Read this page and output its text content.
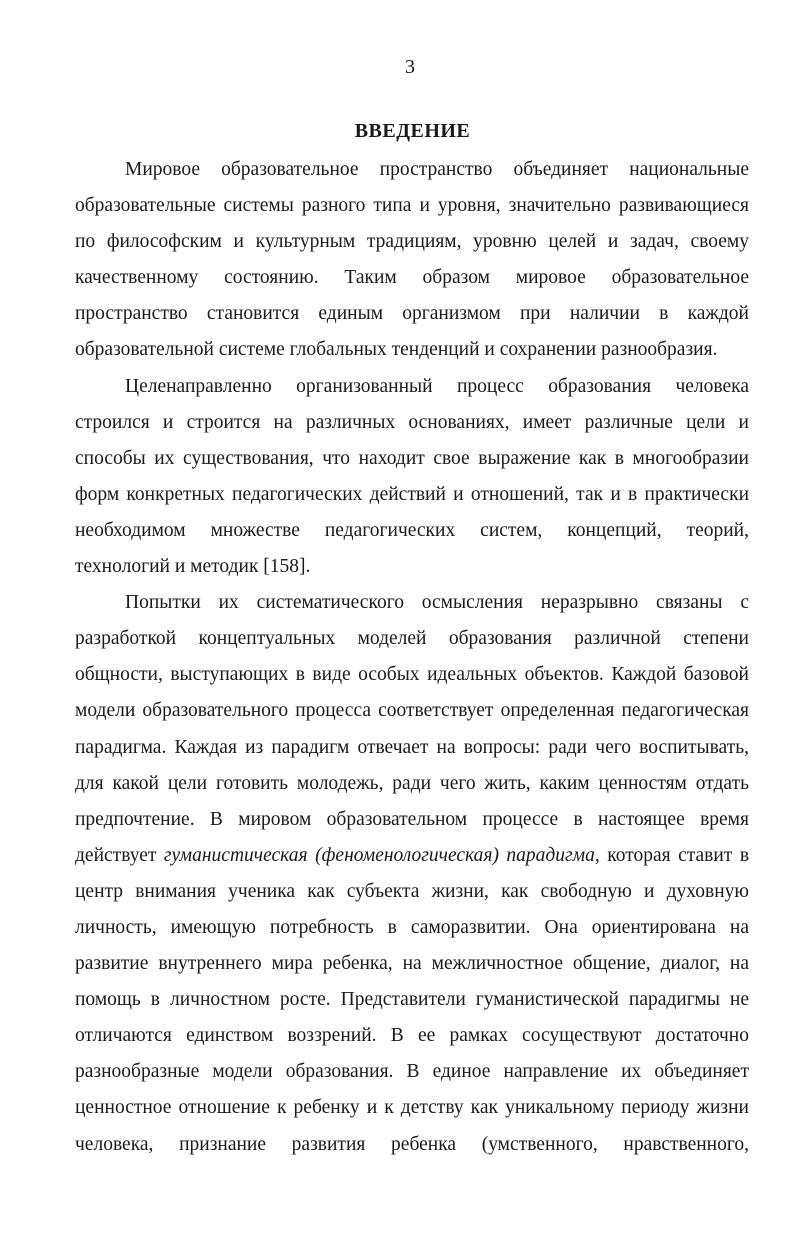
3
ВВЕДЕНИЕ

Мировое образовательное пространство объединяет национальные
образовательные системы разного типа и уровня, значительно развивающиеся
по философским и культурным традициям, уровню целей и задач, своему
качественному состоянию. Таким образом мировое образовательное
пространство становится единым организмом при наличии в каждой
образовательной системе глобальных тенденций и сохранении разнообразия.

Целенаправленно организованный процесс образования человека
строился и строится на различных основаниях, имеет различные цели и
способы их существования, что находит свое выражение как в многообразии
форм конкретных педагогических действий и отношений, так и в практически
необходимом множестве педагогических систем, концепций, теорий,
технологий и методик [158].

Попытки их систематического осмысления неразрывно связаны с
разработкой концептуальных моделей образования различной степени
общности, выступающих в виде особых идеальных объектов. Каждой базовой
модели образовательного процесса соответствует определенная педагогическая
парадигма. Каждая из парадигм отвечает на вопросы: ради чего воспитывать,
для какой цели готовить молодежь, ради чего жить, каким ценностям отдать
предпочтение. В мировом образовательном процессе в настоящее время
действует гуманистическая (феноменологическая) парадигма, которая ставит в
центр внимания ученика как субъекта жизни, как свободную и духовную
личность, имеющую потребность в саморазвитии. Она ориентирована на
развитие внутреннего мира ребенка, на межличностное общение, диалог, на
помощь в личностном росте. Представители гуманистической парадигмы не
отличаются единством воззрений. В ее рамках сосуществуют достаточно
разнообразные модели образования. В единое направление их объединяет
ценностное отношение к ребенку и к детству как уникальному периоду жизни
человека, признание развития ребенка (умственного, нравственного,
